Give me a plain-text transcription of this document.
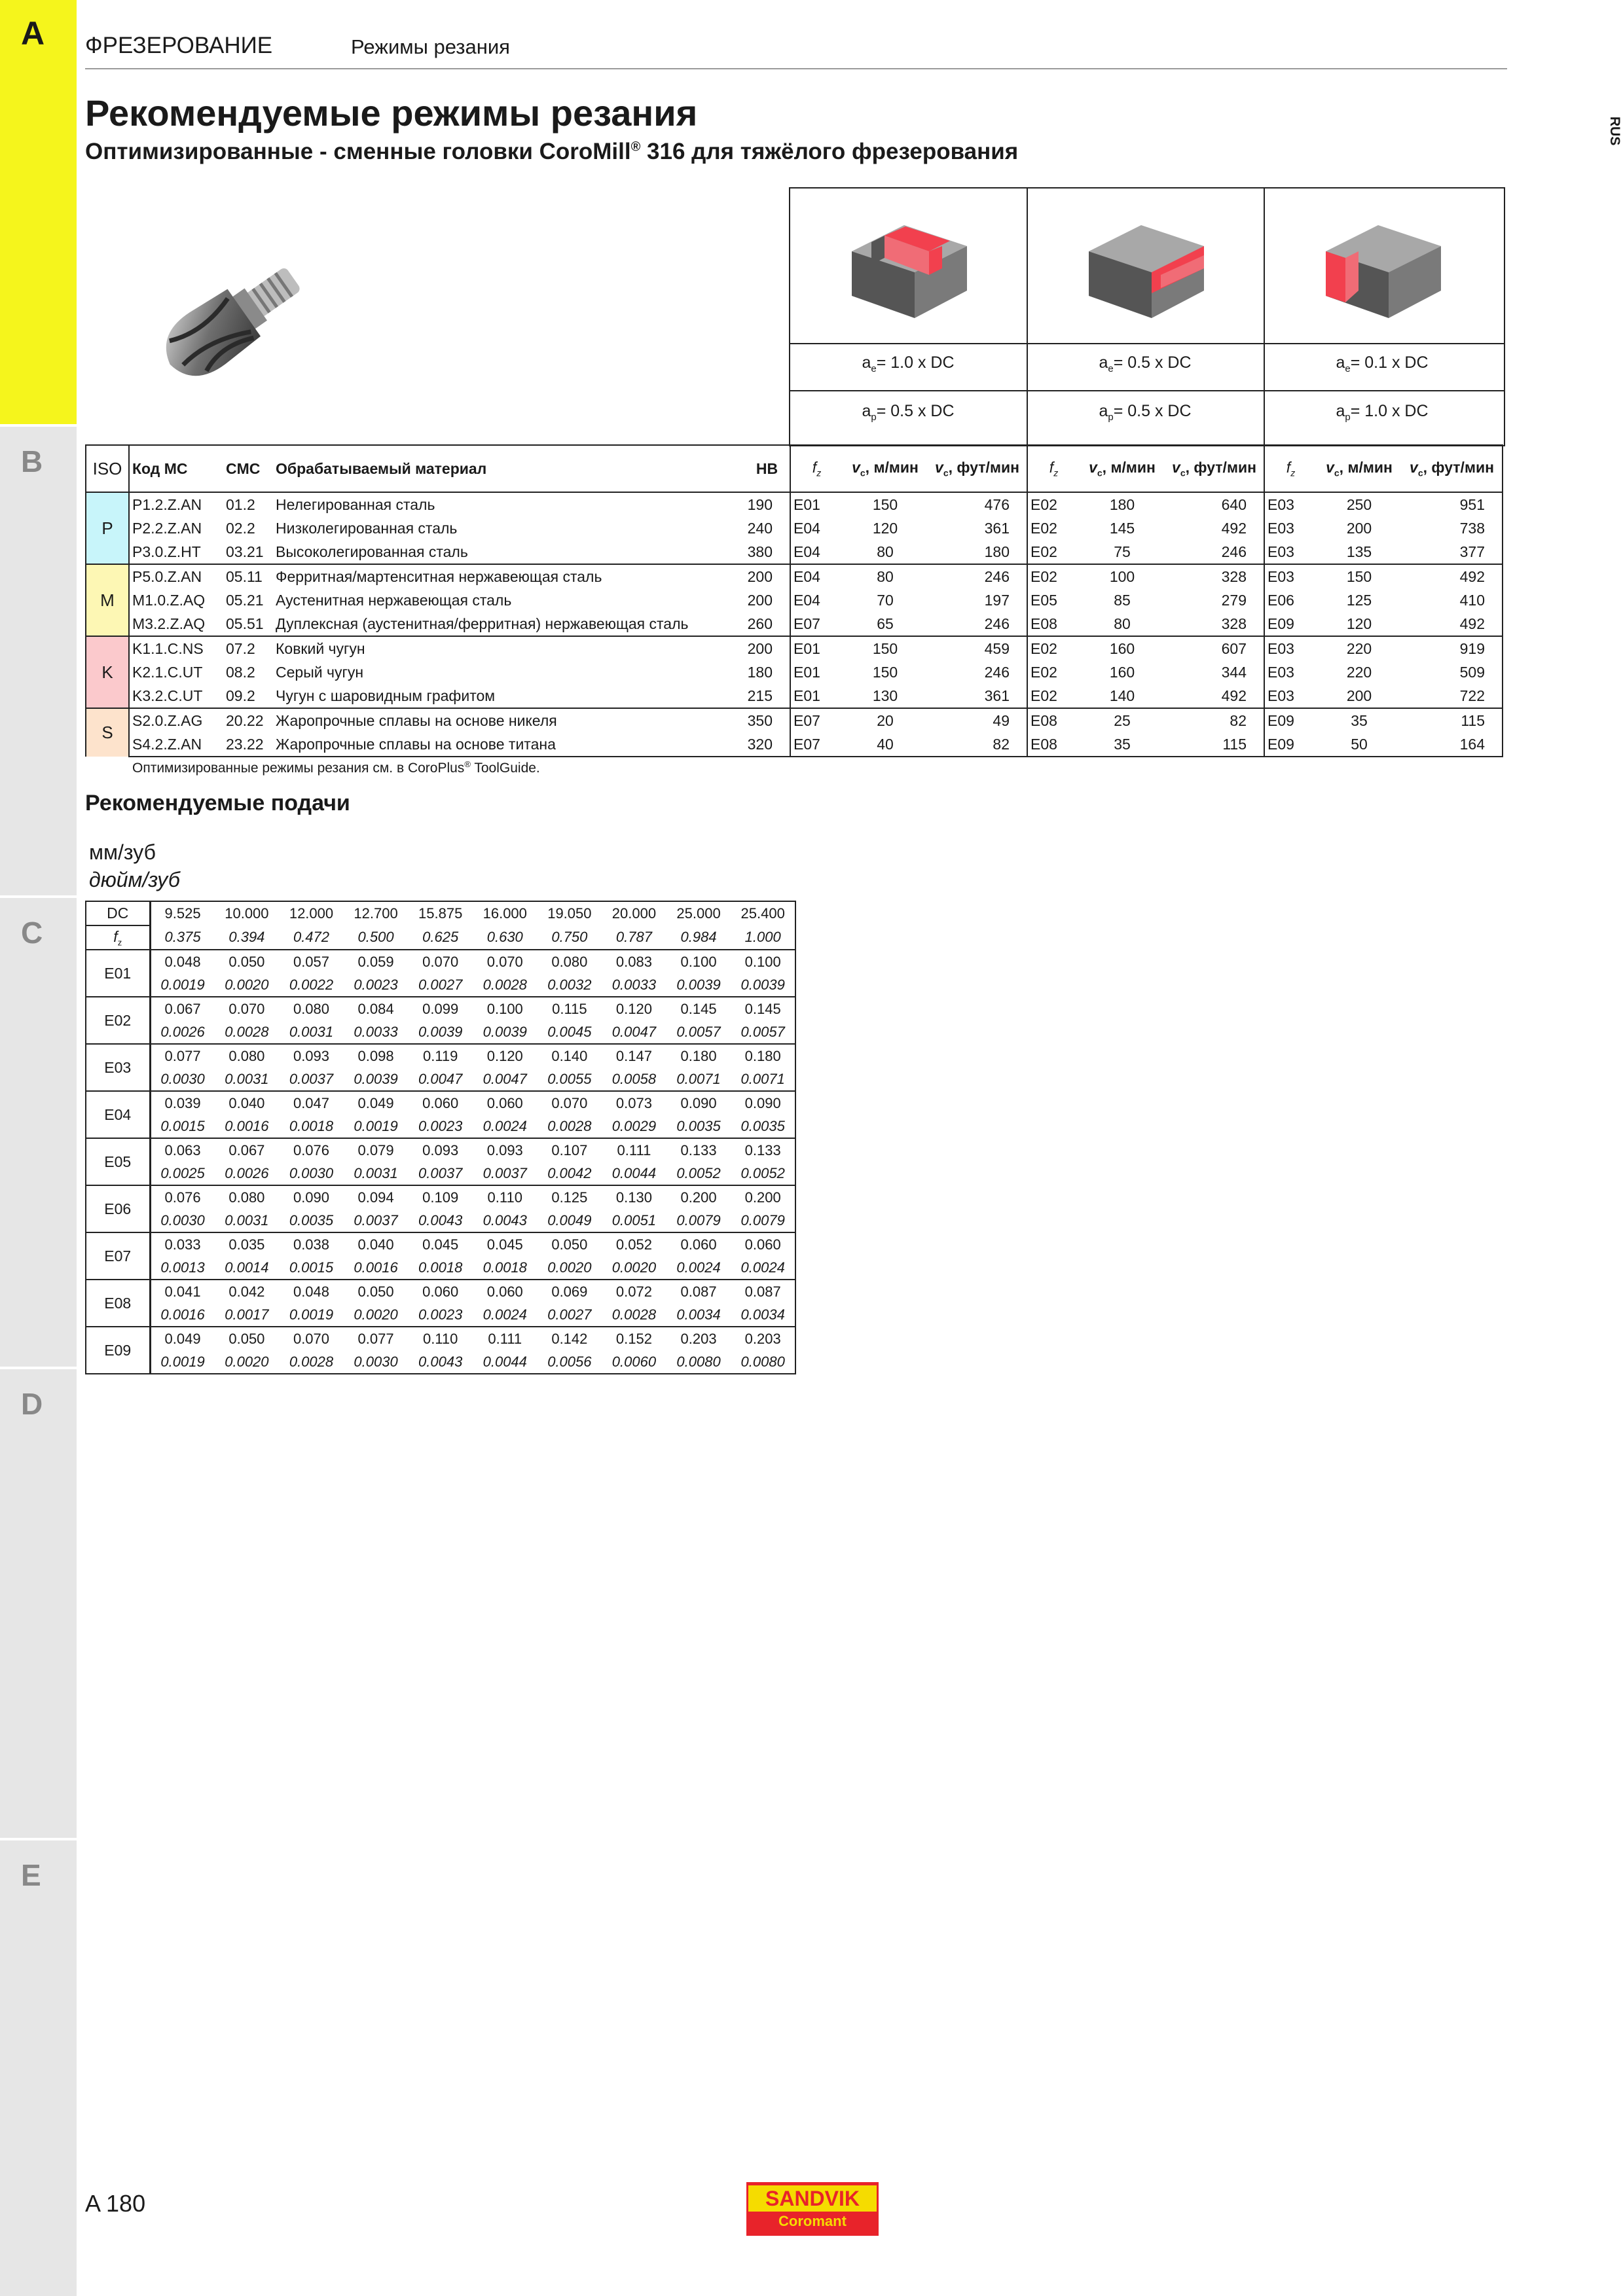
A
B
C
D
E
ФРЕЗЕРОВАНИЕ	Режимы резания
RUS
Рекомендуемые режимы резания
Оптимизированные - сменные головки CoroMill® 316 для тяжёлого фрезерования
$a_e= 1.0$ x DC	$a_e= 0.5$ x DC	$a_e= 0.1$ x DC
$a_p= 0.5$ x DC	$a_p= 0.5$ x DC	$a_p= 1.0$ x DC
ISO	Код MC	CMC	Обрабатываемый материал	HB	$f_z$	$v_c$, м/мин	$v_c$, фут/мин	$f_z$	$v_c$, м/мин	$v_c$, фут/мин	$f_z$	$v_c$, м/мин	$v_c$, фут/мин
P	P1.2.Z.AN	01.2	Нелегированная сталь	190	E01	150	476	E02	180	640	E03	250	951
	P2.2.Z.AN	02.2	Низколегированная сталь	240	E04	120	361	E02	145	492	E03	200	738
	P3.0.Z.HT	03.21	Высоколегированная сталь	380	E04	80	180	E02	75	246	E03	135	377
M	P5.0.Z.AN	05.11	Ферритная/мартенситная нержавеющая сталь	200	E04	80	246	E02	100	328	E03	150	492
	M1.0.Z.AQ	05.21	Аустенитная нержавеющая сталь	200	E04	70	197	E05	85	279	E06	125	410
	M3.2.Z.AQ	05.51	Дуплексная (аустенитная/ферритная) нержавеющая сталь	260	E07	65	246	E08	80	328	E09	120	492
K	K1.1.C.NS	07.2	Ковкий чугун	200	E01	150	459	E02	160	607	E03	220	919
	K2.1.C.UT	08.2	Серый чугун	180	E01	150	246	E02	160	344	E03	220	509
	K3.2.C.UT	09.2	Чугун с шаровидным графитом	215	E01	130	361	E02	140	492	E03	200	722
S	S2.0.Z.AG	20.22	Жаропрочные сплавы на основе никеля	350	E07	20	49	E08	25	82	E09	35	115
	S4.2.Z.AN	23.22	Жаропрочные сплавы на основе титана	320	E07	40	82	E08	35	115	E09	50	164
Оптимизированные режимы резания см. в CoroPlus® ToolGuide.
Рекомендуемые подачи
мм/зуб
дюйм/зуб
DC	9.525	10.000	12.000	12.700	15.875	16.000	19.050	20.000	25.000	25.400
$f_z$	0.375	0.394	0.472	0.500	0.625	0.630	0.750	0.787	0.984	1.000
E01	0.048	0.050	0.057	0.059	0.070	0.070	0.080	0.083	0.100	0.100
	0.0019	0.0020	0.0022	0.0023	0.0027	0.0028	0.0032	0.0033	0.0039	0.0039
E02	0.067	0.070	0.080	0.084	0.099	0.100	0.115	0.120	0.145	0.145
	0.0026	0.0028	0.0031	0.0033	0.0039	0.0039	0.0045	0.0047	0.0057	0.0057
E03	0.077	0.080	0.093	0.098	0.119	0.120	0.140	0.147	0.180	0.180
	0.0030	0.0031	0.0037	0.0039	0.0047	0.0047	0.0055	0.0058	0.0071	0.0071
E04	0.039	0.040	0.047	0.049	0.060	0.060	0.070	0.073	0.090	0.090
	0.0015	0.0016	0.0018	0.0019	0.0023	0.0024	0.0028	0.0029	0.0035	0.0035
E05	0.063	0.067	0.076	0.079	0.093	0.093	0.107	0.111	0.133	0.133
	0.0025	0.0026	0.0030	0.0031	0.0037	0.0037	0.0042	0.0044	0.0052	0.0052
E06	0.076	0.080	0.090	0.094	0.109	0.110	0.125	0.130	0.200	0.200
	0.0030	0.0031	0.0035	0.0037	0.0043	0.0043	0.0049	0.0051	0.0079	0.0079
E07	0.033	0.035	0.038	0.040	0.045	0.045	0.050	0.052	0.060	0.060
	0.0013	0.0014	0.0015	0.0016	0.0018	0.0018	0.0020	0.0020	0.0024	0.0024
E08	0.041	0.042	0.048	0.050	0.060	0.060	0.069	0.072	0.087	0.087
	0.0016	0.0017	0.0019	0.0020	0.0023	0.0024	0.0027	0.0028	0.0034	0.0034
E09	0.049	0.050	0.070	0.077	0.110	0.111	0.142	0.152	0.203	0.203
	0.0019	0.0020	0.0028	0.0030	0.0043	0.0044	0.0056	0.0060	0.0080	0.0080
A 180	SANDVIK
Coromant
